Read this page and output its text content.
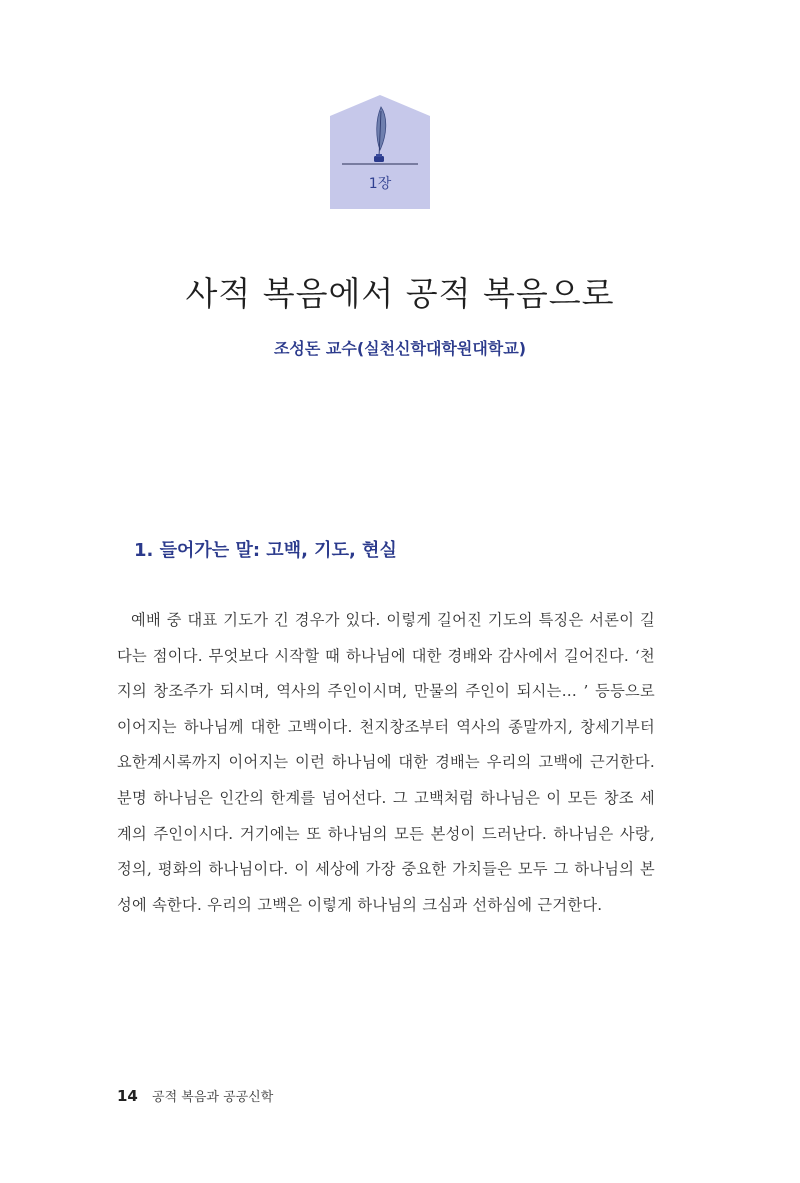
1장
사적 복음에서 공적 복음으로
조성돈 교수(실천신학대학원대학교)
1. 들어가는 말: 고백, 기도, 현실

예배 중 대표 기도가 긴 경우가 있다. 이렇게 길어진 기도의 특징은 서론이 길다는 점이다. 무엇보다 시작할 때 하나님에 대한 경배와 감사에서 길어진다. ‘천지의 창조주가 되시며, 역사의 주인이시며, 만물의 주인이 되시는… ’ 등등으로 이어지는 하나님께 대한 고백이다. 천지창조부터 역사의 종말까지, 창세기부터 요한계시록까지 이어지는 이런 하나님에 대한 경배는 우리의 고백에 근거한다. 분명 하나님은 인간의 한계를 넘어선다. 그 고백처럼 하나님은 이 모든 창조 세계의 주인이시다. 거기에는 또 하나님의 모든 본성이 드러난다. 하나님은 사랑, 정의, 평화의 하나님이다. 이 세상에 가장 중요한 가치들은 모두 그 하나님의 본성에 속한다. 우리의 고백은 이렇게 하나님의 크심과 선하심에 근거한다.

14 공적 복음과 공공신학
